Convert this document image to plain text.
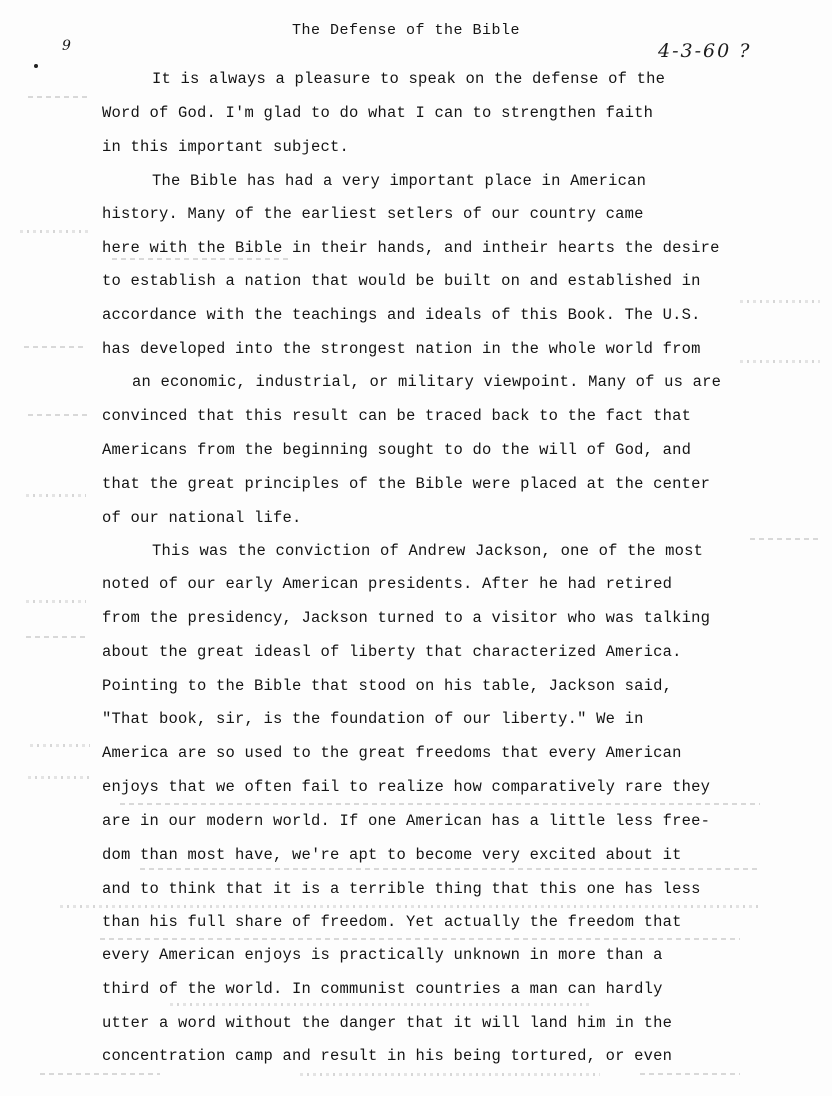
9
The Defense of the Bible
4-3-60 ?
It is always a pleasure to speak on the defense of the
Word of God. I'm glad to do what I can to strengthen faith
in this important subject.
The Bible has had a very important place in American
history. Many of the earliest setlers of our country came
here with the Bible in their hands, and intheir hearts the desire
to establish a nation that would be built on and established in
accordance with the teachings and ideals of this Book. The U.S.
has developed into the strongest nation in the whole world from
an economic, industrial, or military viewpoint. Many of us are
convinced that this result can be traced back to the fact that
Americans from the beginning sought to do the will of God, and
that the great principles of the Bible were placed at the center
of our national life.
This was the conviction of Andrew Jackson, one of the most
noted of our early American presidents. After he had retired
from the presidency, Jackson turned to a visitor who was talking
about the great ideasl of liberty that characterized America.
Pointing to the Bible that stood on his table, Jackson said,
"That book, sir, is the foundation of our liberty." We in
America are so used to the great freedoms that every American
enjoys that we often fail to realize how comparatively rare they
are in our modern world. If one American has a little less free-
dom than most have, we're apt to become very excited about it
and to think that it is a terrible thing that this one has less
than his full share of freedom. Yet actually the freedom that
every American enjoys is practically unknown in more than a
third of the world. In communist countries a man can hardly
utter a word without the danger that it will land him in the
concentration camp and result in his being tortured, or even
